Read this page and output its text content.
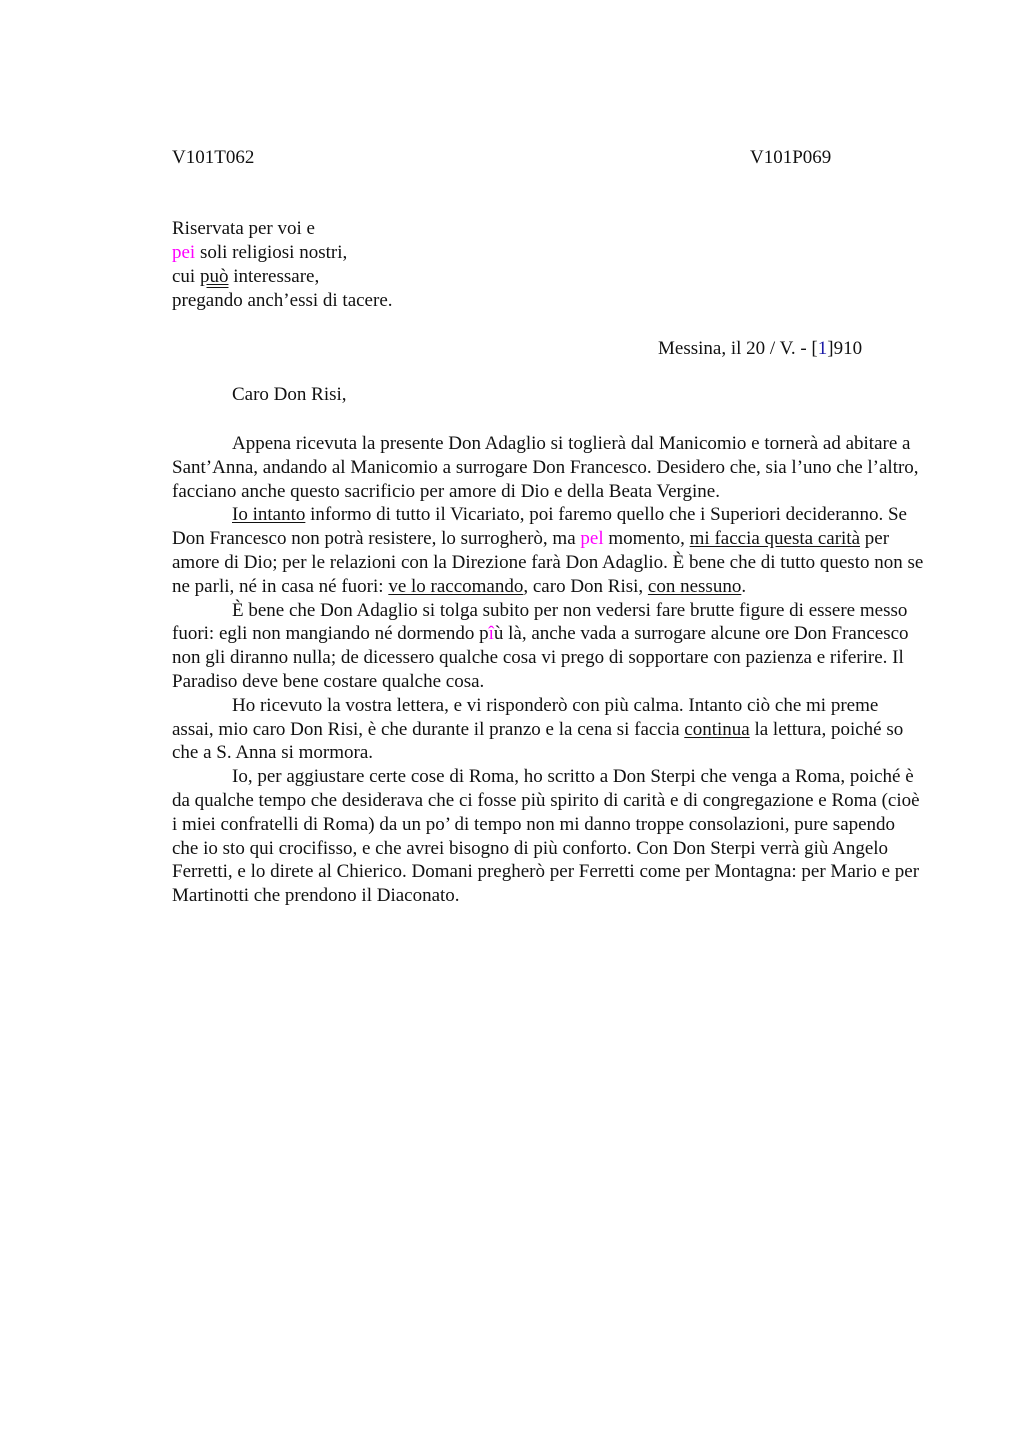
V101T062	V101P069
Riservata per voi e
pei soli religiosi nostri,
cui può interessare,
pregando anch’essi di tacere.
Messina, il 20 / V. - [1]910
Caro Don Risi,

Appena ricevuta la presente Don Adaglio si toglierà dal Manicomio e tornerà ad abitare a Sant’Anna, andando al Manicomio a surrogare Don Francesco. Desidero che, sia l’uno che l’altro, facciano anche questo sacrificio per amore di Dio e della Beata Vergine.

Io intanto informo di tutto il Vicariato, poi faremo quello che i Superiori decideranno. Se Don Francesco non potrà resistere, lo surrogherò, ma pel momento, mi faccia questa carità per amore di Dio; per le relazioni con la Direzione farà Don Adaglio. È bene che di tutto questo non se ne parli, né in casa né fuori: ve lo raccomando, caro Don Risi, con nessuno.

È bene che Don Adaglio si tolga subito per non vedersi fare brutte figure di essere messo fuori: egli non mangiando né dormendo pîù là, anche vada a surrogare alcune ore Don Francesco non gli diranno nulla; de dicessero qualche cosa vi prego di sopportare con pazienza e riferire. Il Paradiso deve bene costare qualche cosa.

Ho ricevuto la vostra lettera, e vi risponderò con più calma. Intanto ciò che mi preme assai, mio caro Don Risi, è che durante il pranzo e la cena si faccia continua la lettura, poiché so che a S. Anna si mormora.

Io, per aggiustare certe cose di Roma, ho scritto a Don Sterpi che venga a Roma, poiché è da qualche tempo che desiderava che ci fosse più spirito di carità e di congregazione e Roma (cioè i miei confratelli di Roma) da un po’ di tempo non mi danno troppe consolazioni, pure sapendo che io sto qui crocifisso, e che avrei bisogno di più conforto. Con Don Sterpi verrà giù Angelo Ferretti, e lo direte al Chierico. Domani pregherò per Ferretti come per Montagna: per Mario e per Martinotti che prendono il Diaconato.
